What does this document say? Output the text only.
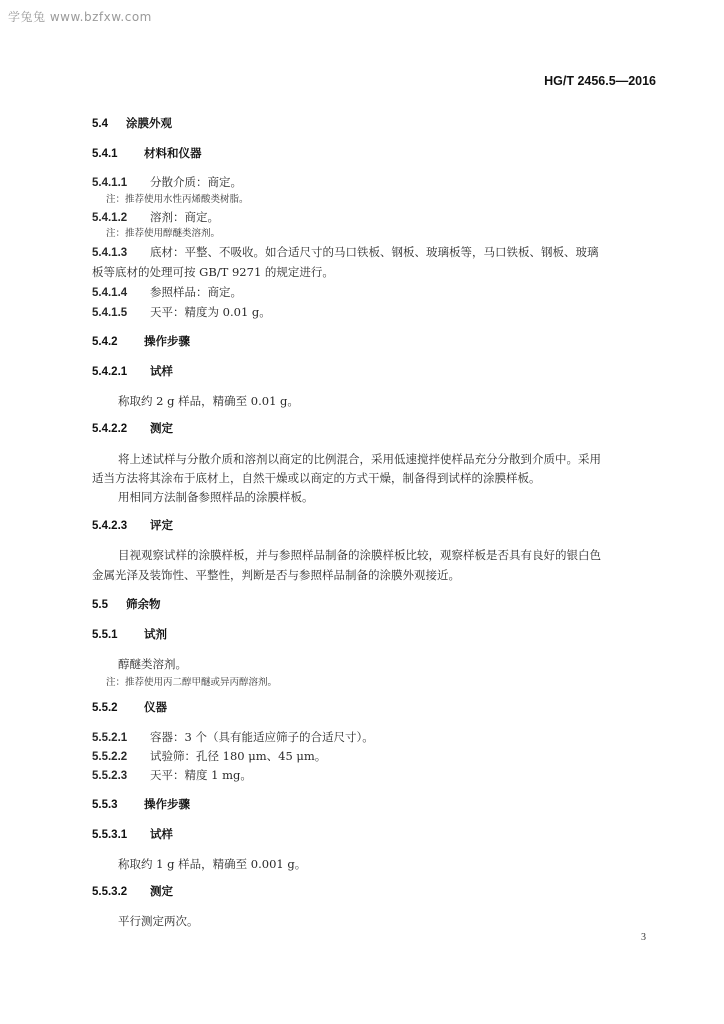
学兔兔 www.bzfxw.com
HG/T 2456.5—2016
5.4 涂膜外观
5.4.1 材料和仪器
5.4.1.1 分散介质：商定。
注：推荐使用水性丙烯酸类树脂。
5.4.1.2 溶剂：商定。
注：推荐使用醇醚类溶剂。
5.4.1.3 底材：平整、不吸收。如合适尺寸的马口铁板、钢板、玻璃板等，马口铁板、钢板、玻璃
板等底材的处理可按 GB/T 9271 的规定进行。
5.4.1.4 参照样品：商定。
5.4.1.5 天平：精度为 0.01 g。
5.4.2 操作步骤
5.4.2.1 试样
称取约 2 g 样品，精确至 0.01 g。
5.4.2.2 测定
将上述试样与分散介质和溶剂以商定的比例混合，采用低速搅拌使样品充分分散到介质中。采用
适当方法将其涂布于底材上，自然干燥或以商定的方式干燥，制备得到试样的涂膜样板。
用相同方法制备参照样品的涂膜样板。
5.4.2.3 评定
目视观察试样的涂膜样板，并与参照样品制备的涂膜样板比较，观察样板是否具有良好的银白色
金属光泽及装饰性、平整性，判断是否与参照样品制备的涂膜外观接近。
5.5 筛余物
5.5.1 试剂
醇醚类溶剂。
注：推荐使用丙二醇甲醚或异丙醇溶剂。
5.5.2 仪器
5.5.2.1 容器：3 个（具有能适应筛子的合适尺寸）。
5.5.2.2 试验筛：孔径 180 μm、45 μm。
5.5.2.3 天平：精度 1 mg。
5.5.3 操作步骤
5.5.3.1 试样
称取约 1 g 样品，精确至 0.001 g。
5.5.3.2 测定
平行测定两次。
3
